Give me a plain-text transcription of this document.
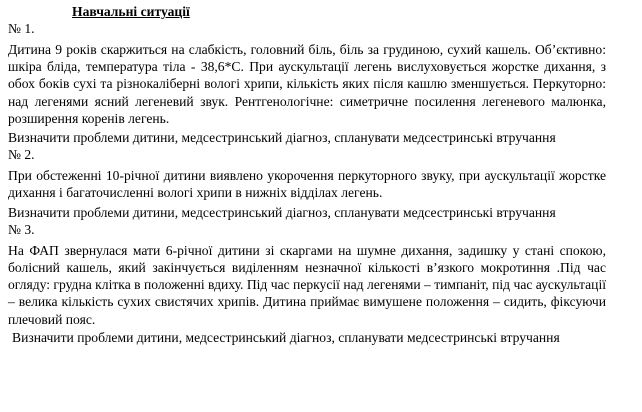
Навчальні ситуації
№ 1.
Дитина 9 років скаржиться на слабкість, головний біль, біль за грудиною, сухий кашель. Об’єктивно: шкіра бліда, температура тіла - 38,6*С. При аускультації легень вислуховується жорстке дихання, з обох боків сухі та різнокаліберні вологі хрипи, кількість яких після кашлю зменшується. Перкуторно: над легенями ясний легеневий звук. Рентгенологічне: симетричне посилення легеневого малюнка, розширення коренів легень.
Визначити проблеми дитини, медсестринський діагноз, спланувати медсестринські втручання
№ 2.
При обстеженні 10-річної дитини виявлено укорочення перкуторного звуку, при аускультації жорстке дихання і багаточисленні вологі хрипи в нижніх відділах легень.
Визначити проблеми дитини, медсестринський діагноз, спланувати медсестринські втручання
№ 3.
На ФАП звернулася мати 6-річної дитини зі скаргами на шумне дихання, задишку у стані спокою, болісний кашель, який закінчується виділенням незначної кількості в’язкого мокротиння .Під час огляду: грудна клітка в положенні вдиху. Під час перкусії над легенями – тимпаніт, під час аускультації – велика кількість сухих свистячих хрипів. Дитина приймає вимушене положення – сидить, фіксуючи плечовий пояс.
Визначити проблеми дитини, медсестринський діагноз, спланувати медсестринські втручання
